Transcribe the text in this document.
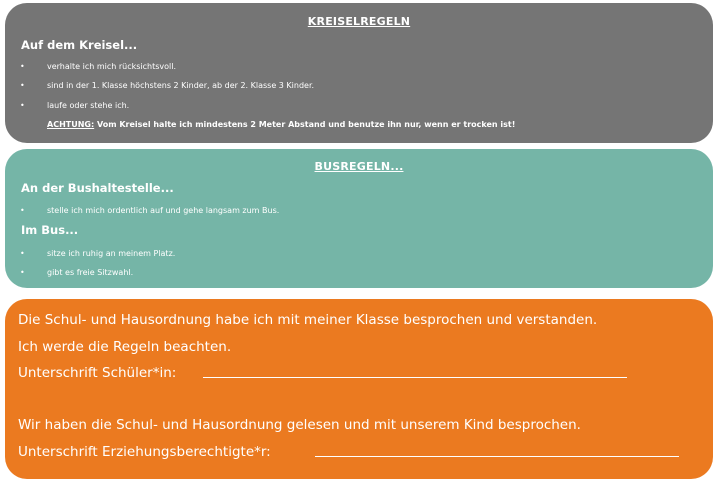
KREISELREGELN
Auf dem Kreisel...
•	verhalte ich mich rücksichtsvoll.
•	sind in der 1. Klasse höchstens 2 Kinder, ab der 2. Klasse 3 Kinder.
•	laufe oder stehe ich.
ACHTUNG: Vom Kreisel halte ich mindestens 2 Meter Abstand und benutze ihn nur, wenn er trocken ist!
BUSREGELN...
An der Bushaltestelle...
•	stelle ich mich ordentlich auf und gehe langsam zum Bus.
Im Bus...
•	sitze ich ruhig an meinem Platz.
•	gibt es freie Sitzwahl.
Die Schul- und Hausordnung habe ich mit meiner Klasse besprochen und verstanden.
Ich werde die Regeln beachten.
Unterschrift Schüler*in:
Wir haben die Schul- und Hausordnung gelesen und mit unserem Kind besprochen.
Unterschrift Erziehungsberechtigte*r:
